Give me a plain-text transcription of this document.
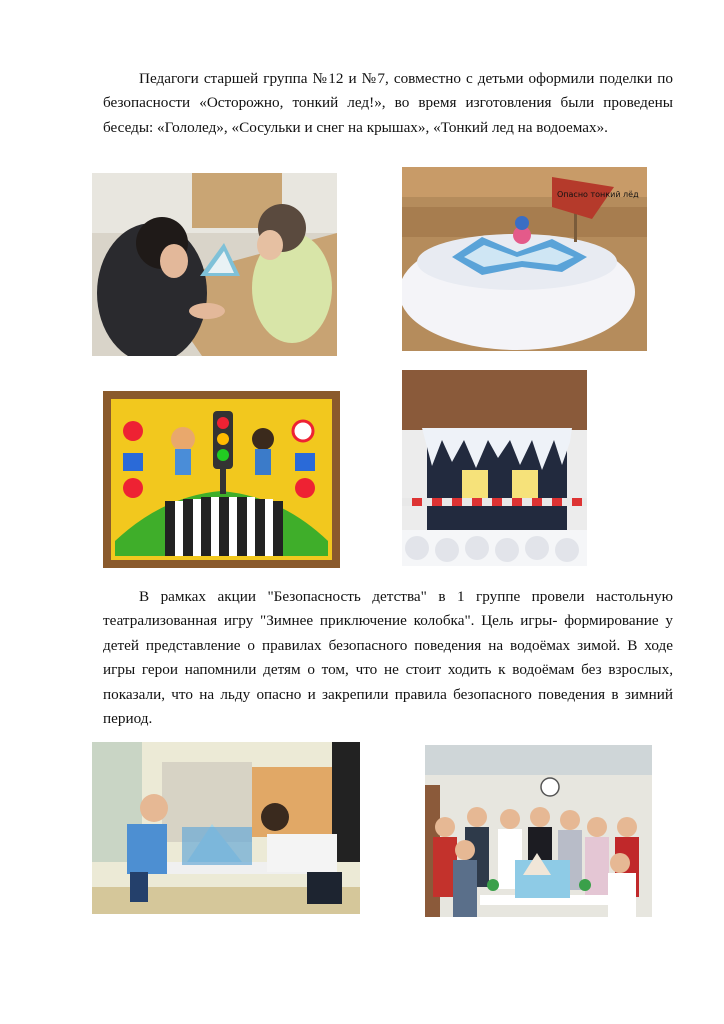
Педагоги старшей группа №12 и №7, совместно с детьми оформили поделки по безопасности «Осторожно, тонкий лед!», во время изготовления были проведены беседы: «Гололед», «Сосульки и снег на крышах», «Тонкий лед на водоемах».

Опасно тонкий лёд

В рамках акции "Безопасность детства" в 1 группе провели настольную театрализованная игру "Зимнее приключение колобка". Цель игры- формирование у детей представление о правилах безопасного поведения на водоёмах зимой. В ходе игры герои напомнили детям о том, что не стоит ходить к водоёмам без взрослых, показали, что на льду опасно и закрепили правила безопасного поведения в зимний период.
